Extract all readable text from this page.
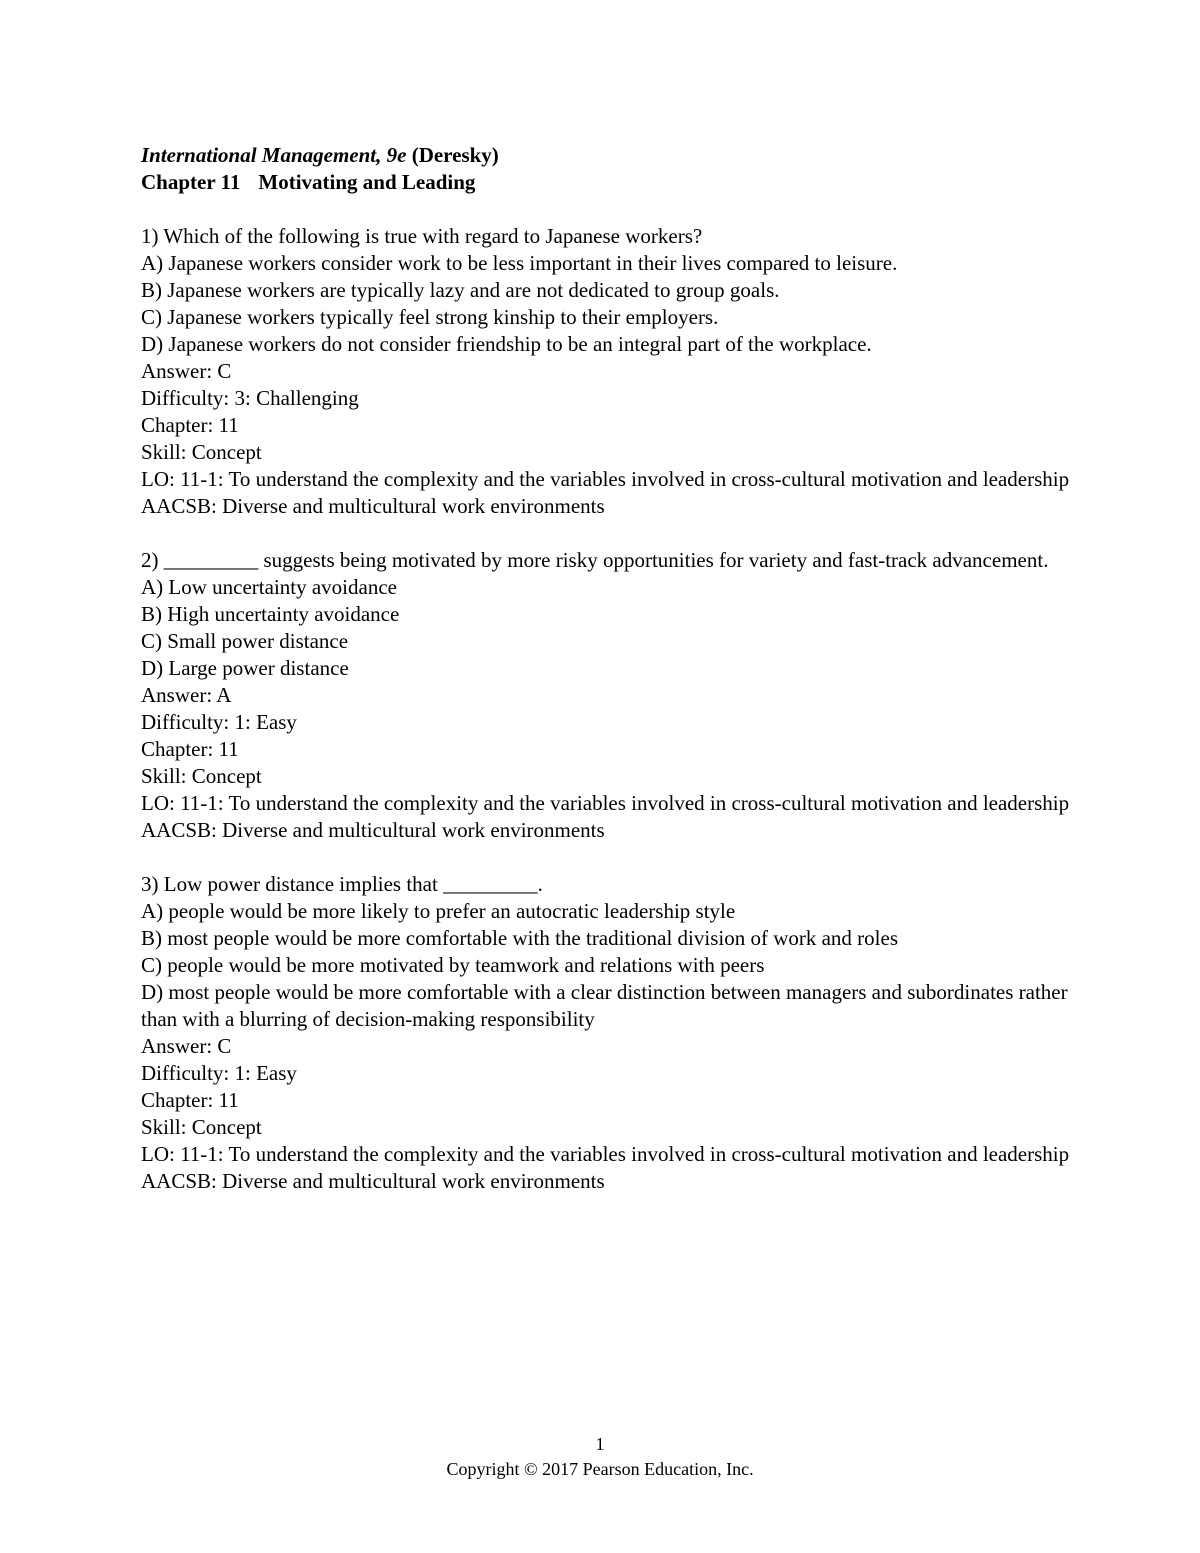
International Management, 9e (Deresky)
Chapter 11 Motivating and Leading
1) Which of the following is true with regard to Japanese workers?
A) Japanese workers consider work to be less important in their lives compared to leisure.
B) Japanese workers are typically lazy and are not dedicated to group goals.
C) Japanese workers typically feel strong kinship to their employers.
D) Japanese workers do not consider friendship to be an integral part of the workplace.
Answer: C
Difficulty: 3: Challenging
Chapter: 11
Skill: Concept
LO: 11-1: To understand the complexity and the variables involved in cross-cultural motivation and leadership
AACSB: Diverse and multicultural work environments
2) _________ suggests being motivated by more risky opportunities for variety and fast-track advancement.
A) Low uncertainty avoidance
B) High uncertainty avoidance
C) Small power distance
D) Large power distance
Answer: A
Difficulty: 1: Easy
Chapter: 11
Skill: Concept
LO: 11-1: To understand the complexity and the variables involved in cross-cultural motivation and leadership
AACSB: Diverse and multicultural work environments
3) Low power distance implies that _________.
A) people would be more likely to prefer an autocratic leadership style
B) most people would be more comfortable with the traditional division of work and roles
C) people would be more motivated by teamwork and relations with peers
D) most people would be more comfortable with a clear distinction between managers and subordinates rather than with a blurring of decision-making responsibility
Answer: C
Difficulty: 1: Easy
Chapter: 11
Skill: Concept
LO: 11-1: To understand the complexity and the variables involved in cross-cultural motivation and leadership
AACSB: Diverse and multicultural work environments
1
Copyright © 2017 Pearson Education, Inc.
